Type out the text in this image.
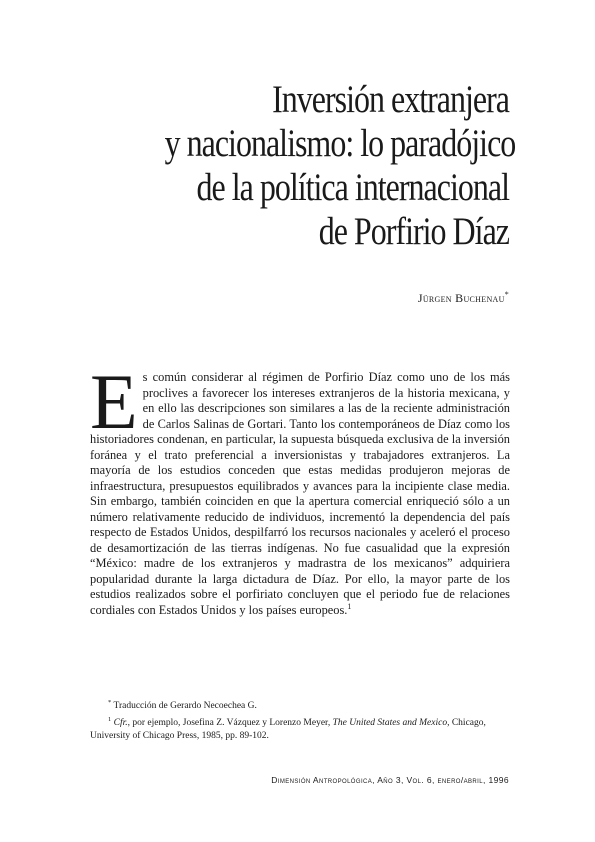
Inversión extranjera
y nacionalismo: lo paradójico
de la política internacional
de Porfirio Díaz
Jürgen Buchenau*
E s común considerar al régimen de Porfirio Díaz como uno de los más proclives a favorecer los intereses extranjeros de la historia mexicana, y en ello las descripciones son similares a las de la reciente administración de Carlos Salinas de Gortari. Tanto los contemporáneos de Díaz como los historiadores condenan, en particular, la supuesta búsqueda exclusiva de la inversión foránea y el trato preferencial a inversionistas y trabajadores extranjeros. La mayoría de los estudios conceden que estas medidas produjeron mejoras de infraestructura, presupuestos equilibrados y avances para la incipiente clase media. Sin embargo, también coinciden en que la apertura comercial enriqueció sólo a un número relativamente reducido de individuos, incrementó la dependencia del país respecto de Estados Unidos, despilfarró los recursos nacionales y aceleró el proceso de desamortización de las tierras indígenas. No fue casualidad que la expresión “México: madre de los extranjeros y madrastra de los mexicanos” adquiriera popularidad durante la larga dictadura de Díaz. Por ello, la mayor parte de los estudios realizados sobre el porfiriato concluyen que el periodo fue de relaciones cordiales con Estados Unidos y los países europeos.$^1$

* Traducción de Gerardo Necoechea G.

$^1$ Cfr., por ejemplo, Josefina Z. Vázquez y Lorenzo Meyer, The United States and Mexico, Chicago, University of Chicago Press, 1985, pp. 89-102.

Dimensión Antropológica, Año 3, Vol. 6, enero/abril, 1996
